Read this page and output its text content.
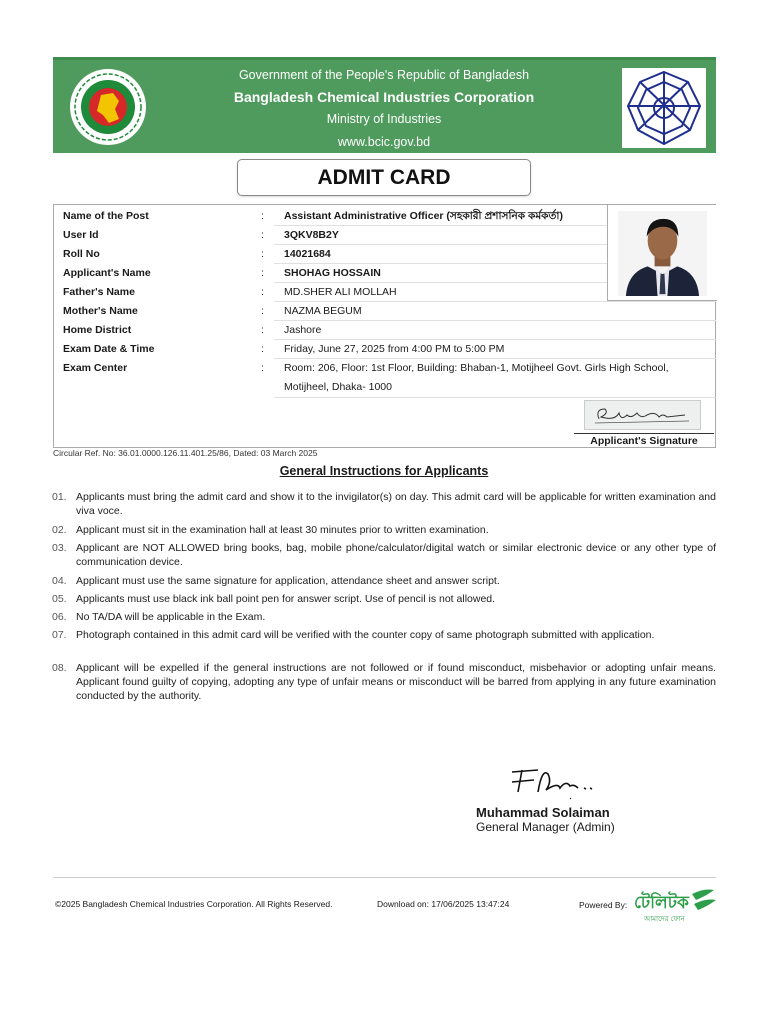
Government of the People's Republic of Bangladesh
Bangladesh Chemical Industries Corporation
Ministry of Industries
www.bcic.gov.bd
ADMIT CARD
Name of the Post	: Assistant Administrative Officer (সহকারী প্রশাসনিক কর্মকর্তা)
User Id	: 3QKV8B2Y
Roll No	: 14021684
Applicant's Name	: SHOHAG HOSSAIN
Father's Name	: MD.SHER ALI MOLLAH
Mother's Name	: NAZMA BEGUM
Home District	: Jashore
Exam Date & Time	: Friday, June 27, 2025 from 4:00 PM to 5:00 PM
Exam Center	: Room: 206, Floor: 1st Floor, Building: Bhaban-1, Motijheel Govt. Girls High School, Motijheel, Dhaka- 1000
Applicant's Signature
Circular Ref. No: 36.01.0000.126.11.401.25/86, Dated: 03 March 2025
General Instructions for Applicants
01. Applicants must bring the admit card and show it to the invigilator(s) on day. This admit card will be applicable for written examination and viva voce.
02. Applicant must sit in the examination hall at least 30 minutes prior to written examination.
03. Applicant are NOT ALLOWED bring books, bag, mobile phone/calculator/digital watch or similar electronic device or any other type of communication device.
04. Applicant must use the same signature for application, attendance sheet and answer script.
05. Applicants must use black ink ball point pen for answer script. Use of pencil is not allowed.
06. No TA/DA will be applicable in the Exam.
07. Photograph contained in this admit card will be verified with the counter copy of same photograph submitted with application.
08. Applicant will be expelled if the general instructions are not followed or if found misconduct, misbehavior or adopting unfair means. Applicant found guilty of copying, adopting any type of unfair means or misconduct will be barred from applying in any future examination conducted by the authority.
Muhammad Solaiman
General Manager (Admin)
©2025 Bangladesh Chemical Industries Corporation. All Rights Reserved.	Download on: 17/06/2025 13:47:24	Powered By: টেলিটক
আমাদের ফোন
